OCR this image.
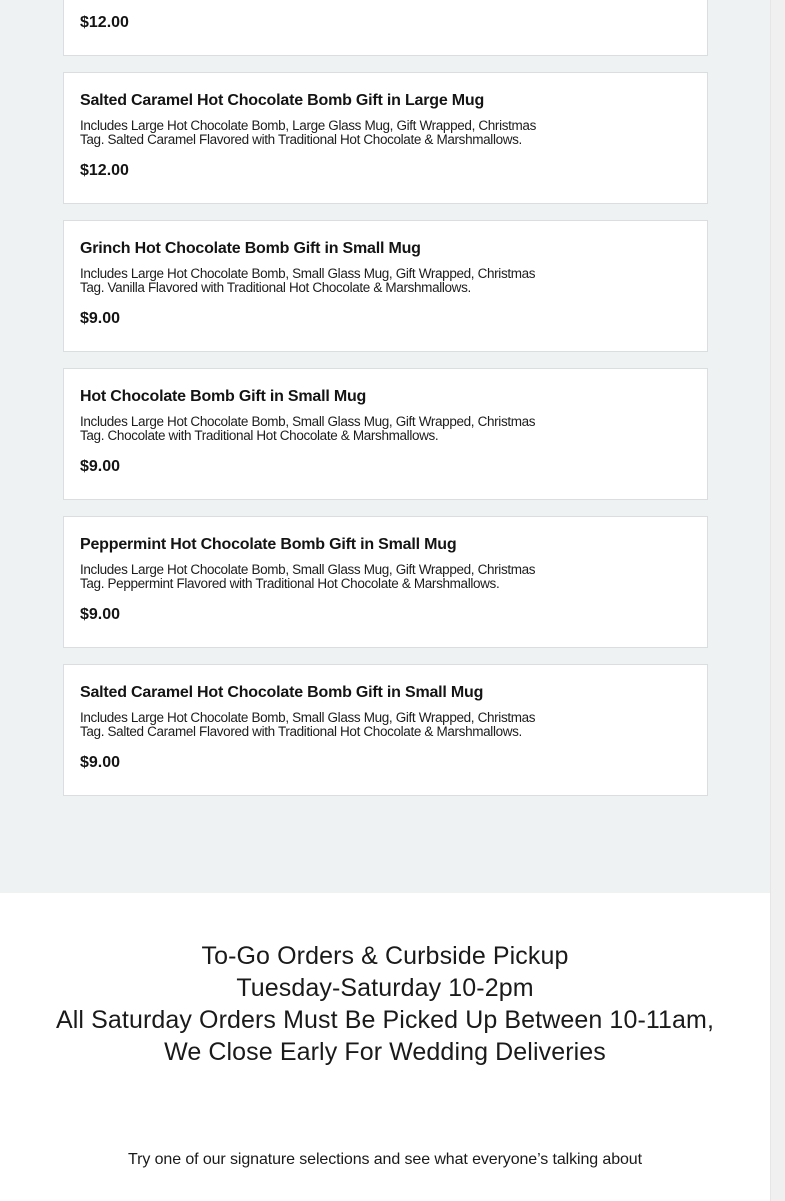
$12.00
Salted Caramel Hot Chocolate Bomb Gift in Large Mug
Includes Large Hot Chocolate Bomb, Large Glass Mug, Gift Wrapped, Christmas Tag. Salted Caramel Flavored with Traditional Hot Chocolate & Marshmallows.
$12.00
Grinch Hot Chocolate Bomb Gift in Small Mug
Includes Large Hot Chocolate Bomb, Small Glass Mug, Gift Wrapped, Christmas Tag. Vanilla Flavored with Traditional Hot Chocolate & Marshmallows.
$9.00
Hot Chocolate Bomb Gift in Small Mug
Includes Large Hot Chocolate Bomb, Small Glass Mug, Gift Wrapped, Christmas Tag. Chocolate with Traditional Hot Chocolate & Marshmallows.
$9.00
Peppermint Hot Chocolate Bomb Gift in Small Mug
Includes Large Hot Chocolate Bomb, Small Glass Mug, Gift Wrapped, Christmas Tag. Peppermint Flavored with Traditional Hot Chocolate & Marshmallows.
$9.00
Salted Caramel Hot Chocolate Bomb Gift in Small Mug
Includes Large Hot Chocolate Bomb, Small Glass Mug, Gift Wrapped, Christmas Tag. Salted Caramel Flavored with Traditional Hot Chocolate & Marshmallows.
$9.00
To-Go Orders & Curbside Pickup
Tuesday-Saturday 10-2pm
All Saturday Orders Must Be Picked Up Between 10-11am,
We Close Early For Wedding Deliveries
Try one of our signature selections and see what everyone’s talking about
